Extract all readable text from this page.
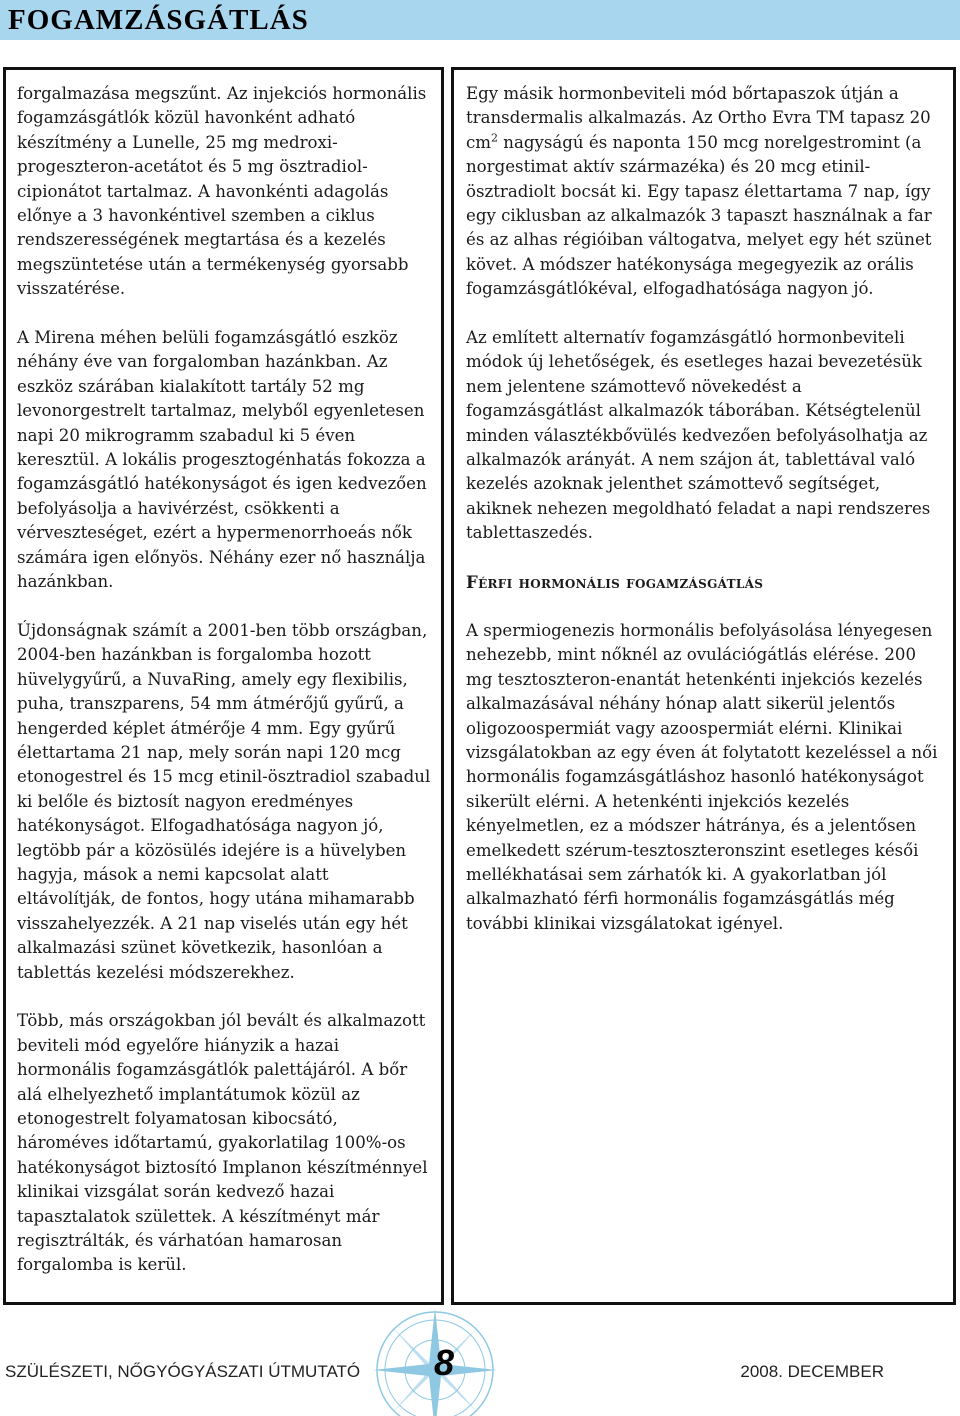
FOGAMZÁSGÁTLÁS

forgalmazása megszűnt. Az injekciós hormonális fogamzásgátlók közül havonként adható készítmény a Lunelle, 25 mg medroxi-progeszteron-acetátot és 5 mg ösztradiol-cipionátot tartalmaz. A havonkénti adagolás előnye a 3 havonkéntivel szemben a ciklus rendszerességének megtartása és a kezelés megszüntetése után a termékenység gyorsabb visszatérése.

A Mirena méhen belüli fogamzásgátló eszköz néhány éve van forgalomban hazánkban. Az eszköz szárában kialakított tartály 52 mg levonorgestrelt tartalmaz, melyből egyenletesen napi 20 mikrogramm szabadul ki 5 éven keresztül. A lokális progesztogénhatás fokozza a fogamzásgátló hatékonyságot és igen kedvezően befolyásolja a havivérzést, csökkenti a vérveszteséget, ezért a hypermenorrhoeás nők számára igen előnyös. Néhány ezer nő használja hazánkban.

Újdonságnak számít a 2001-ben több országban, 2004-ben hazánkban is forgalomba hozott hüvelygyűrű, a NuvaRing, amely egy flexibilis, puha, transzparens, 54 mm átmérőjű gyűrű, a hengerded képlet átmérője 4 mm. Egy gyűrű élettartama 21 nap, mely során napi 120 mcg etonogestrel és 15 mcg etinil-ösztradiol szabadul ki belőle és biztosít nagyon eredményes hatékonyságot. Elfogadhatósága nagyon jó, legtöbb pár a közösülés idejére is a hüvelyben hagyja, mások a nemi kapcsolat alatt eltávolítják, de fontos, hogy utána mihamarabb visszahelyezzék. A 21 nap viselés után egy hét alkalmazási szünet következik, hasonlóan a tablettás kezelési módszerekhez.

Több, más országokban jól bevált és alkalmazott beviteli mód egyelőre hiányzik a hazai hormonális fogamzásgátlók palettájáról. A bőr alá elhelyezhető implantátumok közül az etonogestrelt folyamatosan kibocsátó, hároméves időtartamú, gyakorlatilag 100%-os hatékonyságot biztosító Implanon készítménnyel klinikai vizsgálat során kedvező hazai tapasztalatok születtek. A készítményt már regisztrálták, és várhatóan hamarosan forgalomba is kerül.

Egy másik hormonbeviteli mód bőrtapaszok útján a transdermalis alkalmazás. Az Ortho Evra TM tapasz 20 $cm^2$ nagyságú és naponta 150 mcg norelgestromint (a norgestimat aktív származéka) és 20 mcg etinil-ösztradiolt bocsát ki. Egy tapasz élettartama 7 nap, így egy ciklusban az alkalmazók 3 tapaszt használnak a far és az alhas régióiban váltogatva, melyet egy hét szünet követ. A módszer hatékonysága megegyezik az orális fogamzásgátlókéval, elfogadhatósága nagyon jó.

Az említett alternatív fogamzásgátló hormonbeviteli módok új lehetőségek, és esetleges hazai bevezetésük nem jelentene számottevő növekedést a fogamzásgátlást alkalmazók táborában. Kétségtelenül minden választékbővülés kedvezően befolyásolhatja az alkalmazók arányát. A nem szájon át, tablettával való kezelés azoknak jelenthet számottevő segítséget, akiknek nehezen megoldható feladat a napi rendszeres tablettaszedés.

Férfi hormonális fogamzásgátlás

A spermiogenezis hormonális befolyásolása lényegesen nehezebb, mint nőknél az ovulációgátlás elérése. 200 mg tesztoszteron-enantát hetenkénti injekciós kezelés alkalmazásával néhány hónap alatt sikerül jelentős oligozoospermiát vagy azoospermiát elérni. Klinikai vizsgálatokban az egy éven át folytatott kezeléssel a női hormonális fogamzásgátláshoz hasonló hatékonyságot sikerült elérni. A hetenkénti injekciós kezelés kényelmetlen, ez a módszer hátránya, és a jelentősen emelkedett szérum-tesztoszteronszint esetleges késői mellékhatásai sem zárhatók ki. A gyakorlatban jól alkalmazható férfi hormonális fogamzásgátlás még további klinikai vizsgálatokat igényel.

SZÜLÉSZETI, NŐGYÓGYÁSZATI ÚTMUTATÓ 8	2008. DECEMBER
